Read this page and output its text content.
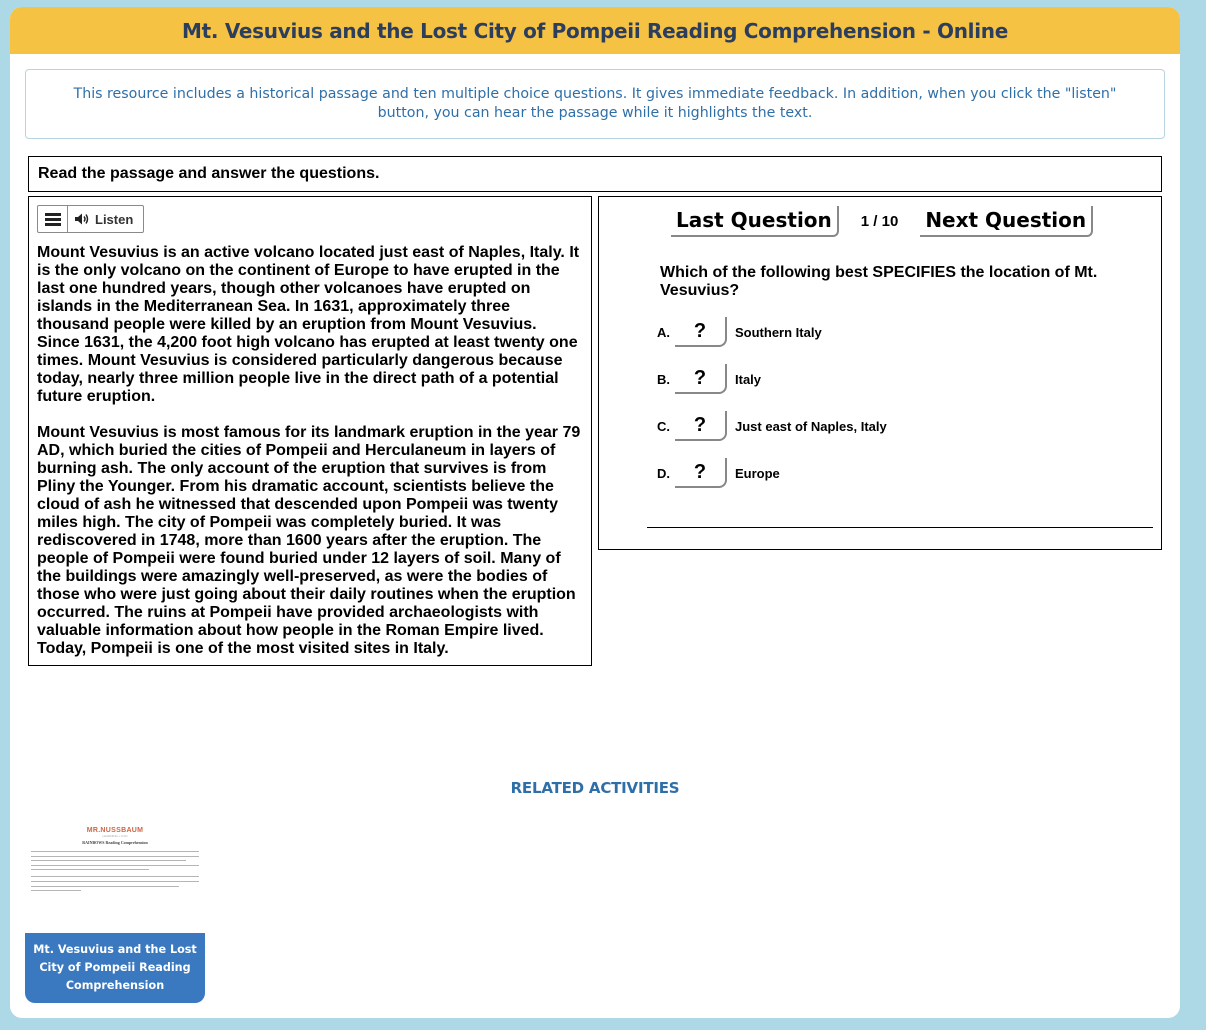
Mt. Vesuvius and the Lost City of Pompeii Reading Comprehension - Online

This resource includes a historical passage and ten multiple choice questions. It gives immediate feedback. In addition, when you click the "listen" button, you can hear the passage while it highlights the text.

Read the passage and answer the questions.
Listen

Mount Vesuvius is an active volcano located just east of Naples, Italy. It is the only volcano on the continent of Europe to have erupted in the last one hundred years, though other volcanoes have erupted on islands in the Mediterranean Sea. In 1631, approximately three thousand people were killed by an eruption from Mount Vesuvius. Since 1631, the 4,200 foot high volcano has erupted at least twenty one times. Mount Vesuvius is considered particularly dangerous because today, nearly three million people live in the direct path of a potential future eruption.

Mount Vesuvius is most famous for its landmark eruption in the year 79 AD, which buried the cities of Pompeii and Herculaneum in layers of burning ash. The only account of the eruption that survives is from Pliny the Younger. From his dramatic account, scientists believe the cloud of ash he witnessed that descended upon Pompeii was twenty miles high. The city of Pompeii was completely buried. It was rediscovered in 1748, more than 1600 years after the eruption. The people of Pompeii were found buried under 12 layers of soil. Many of the buildings were amazingly well-preserved, as were the bodies of those who were just going about their daily routines when the eruption occurred. The ruins at Pompeii have provided archaeologists with valuable information about how people in the Roman Empire lived. Today, Pompeii is one of the most visited sites in Italy.

Last Question	1 / 10 Next Question
Which of the following best SPECIFIES the location of Mt. Vesuvius?
A.	?	Southern Italy
B.	?	Italy
C.	?	Just east of Naples, Italy
D.	?	Europe
RELATED ACTIVITIES
MR.NUSSBAUM
LEARNING + FUN
RAINBOWS Reading Comprehension
Mt. Vesuvius and the Lost City of Pompeii Reading Comprehension
